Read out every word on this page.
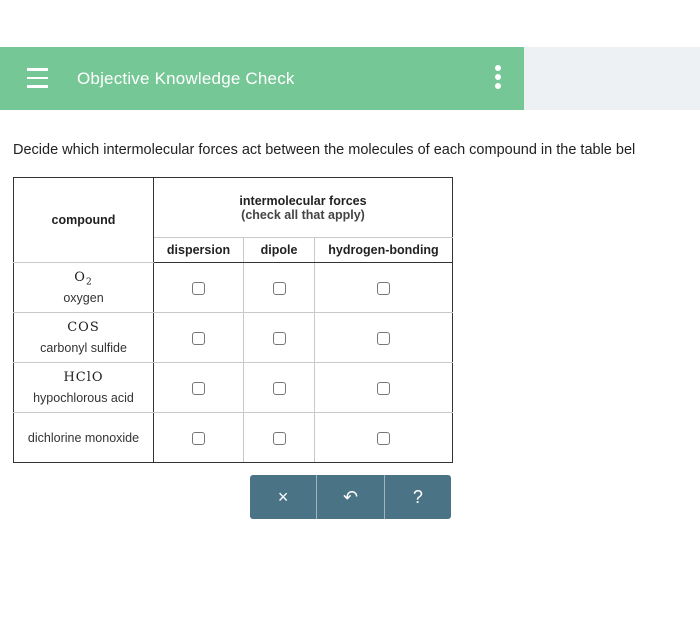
Objective Knowledge Check
Decide which intermolecular forces act between the molecules of each compound in the table bel
compound	intermolecular forces
(check all that apply)		

	dispersion	dipole	hydrogen-bonding

$O_2$
oxygen			

COS
carbonyl sulfide			

HClO
hypochlorous acid			

dichlorine monoxide			

×	↶	?
